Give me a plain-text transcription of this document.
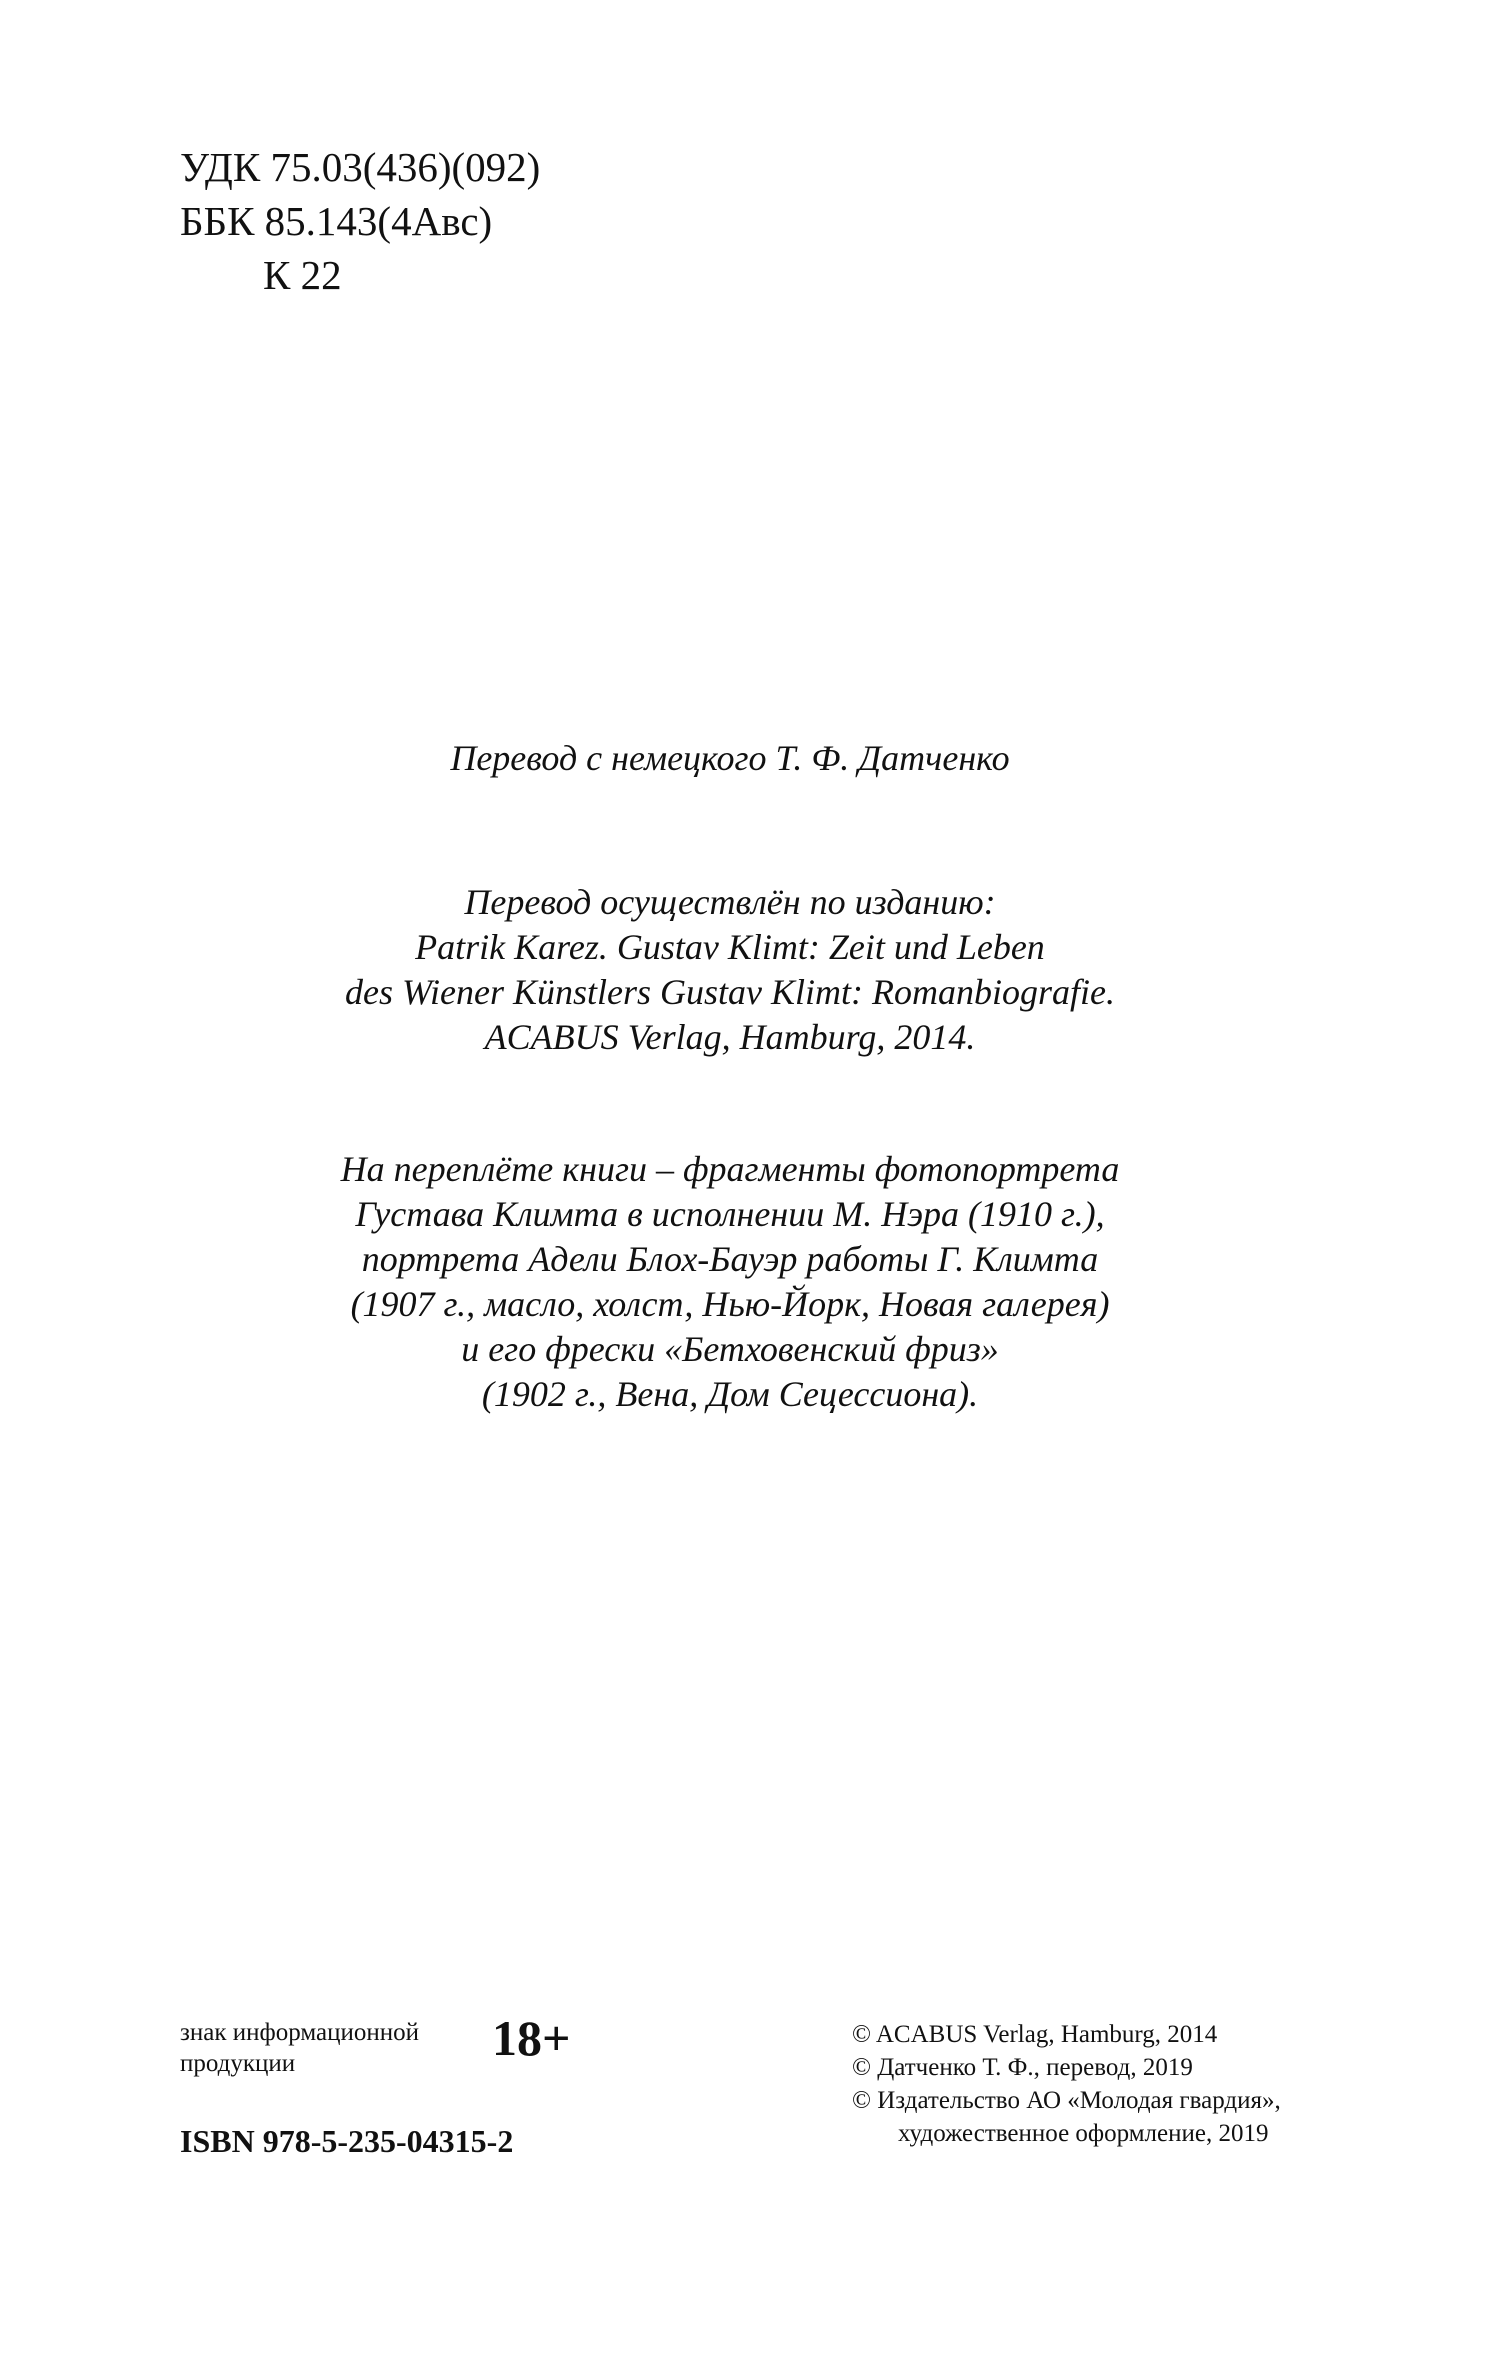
УДК 75.03(436)(092)
ББК 85.143(4Авс)
К 22
Перевод с немецкого Т. Ф. Датченко
Перевод осуществлён по изданию:
Patrik Karez. Gustav Klimt: Zeit und Leben
des Wiener Künstlers Gustav Klimt: Romanbiografie.
ACABUS Verlag, Hamburg, 2014.
На переплёте книги – фрагменты фотопортрета
Густава Климта в исполнении М. Нэра (1910 г.),
портрета Адели Блох-Бауэр работы Г. Климта
(1907 г., масло, холст, Нью-Йорк, Новая галерея)
и его фрески «Бетховенский фриз»
(1902 г., Вена, Дом Сецессиона).
знак информационной
продукции	18+
ISBN 978-5-235-04315-2
© ACABUS Verlag, Hamburg, 2014
© Датченко Т. Ф., перевод, 2019
© Издательство АО «Молодая гвардия»,
художественное оформление, 2019
